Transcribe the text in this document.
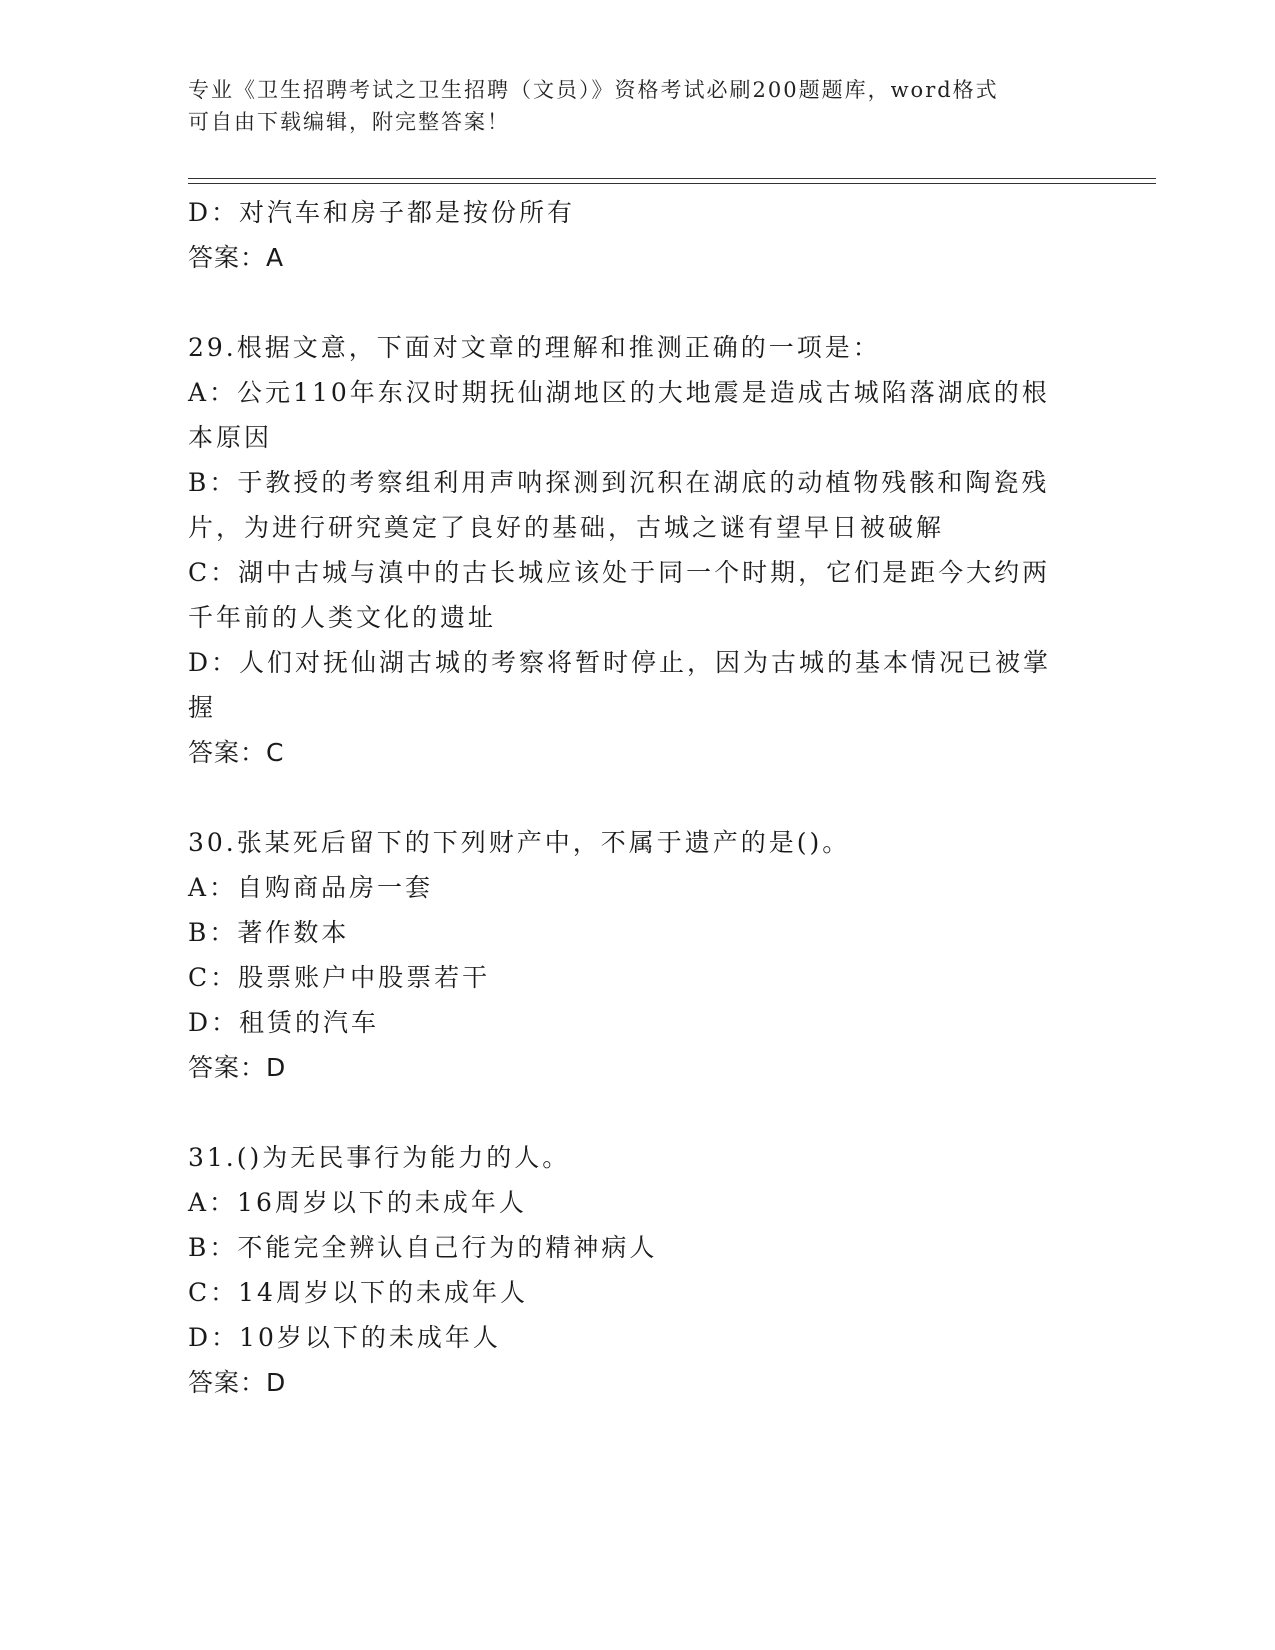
专业《卫生招聘考试之卫生招聘（文员）》资格考试必刷200题题库，word格式
可自由下载编辑，附完整答案！
D：对汽车和房子都是按份所有
答案：A
29.根据文意，下面对文章的理解和推测正确的一项是：
A：公元110年东汉时期抚仙湖地区的大地震是造成古城陷落湖底的根
本原因
B：于教授的考察组利用声呐探测到沉积在湖底的动植物残骸和陶瓷残
片，为进行研究奠定了良好的基础，古城之谜有望早日被破解
C：湖中古城与滇中的古长城应该处于同一个时期，它们是距今大约两
千年前的人类文化的遗址
D：人们对抚仙湖古城的考察将暂时停止，因为古城的基本情况已被掌
握
答案：C
30.张某死后留下的下列财产中，不属于遗产的是()。
A：自购商品房一套
B：著作数本
C：股票账户中股票若干
D：租赁的汽车
答案：D
31.()为无民事行为能力的人。
A：16周岁以下的未成年人
B：不能完全辨认自己行为的精神病人
C：14周岁以下的未成年人
D：10岁以下的未成年人
答案：D
